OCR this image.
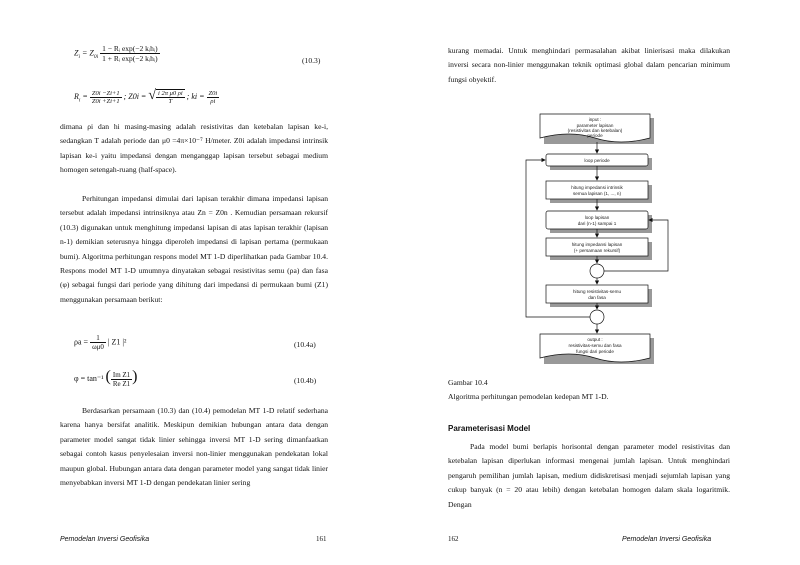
$Z_i = Z_{0i} \frac{\text{1 − Rᵢ exp(−2 kᵢhᵢ)}}{\text{1 + Rᵢ exp(−2 kᵢhᵢ)}}$	(10.3)
$R_i = \frac{Z0i -Zi+1}{Z0i +Zi+1}$ ; Z0i = √ $\frac{\text{i 2π μ0 ρi}}{T}$ ; ki = $\frac{Z0i}{\rho i}$
dimana ρi dan hi masing-masing adalah resistivitas dan ketebalan lapisan ke-i, sedangkan T adalah periode dan μ0 =4π×10⁻⁷ H/meter. Z0i adalah impedansi intrinsik lapisan ke-i yaitu impedansi dengan menganggap lapisan tersebut sebagai medium homogen setengah-ruang (half-space).
Perhitungan impedansi dimulai dari lapisan terakhir dimana impedansi lapisan tersebut adalah impedansi intrinsiknya atau Zn = Z0n . Kemudian persamaan rekursif (10.3) digunakan untuk menghitung impedansi lapisan di atas lapisan terakhir (lapisan n-1) demikian seterusnya hingga diperoleh impedansi di lapisan pertama (permukaan bumi). Algoritma perhitungan respons model MT 1-D diperlihatkan pada Gambar 10.4. Respons model MT 1-D umumnya dinyatakan sebagai resistivitas semu (ρa) dan fasa (φ) sebagai fungsi dari periode yang dihitung dari impedansi di permukaan bumi (Z1) menggunakan persamaan berikut:
$\rho a = \frac{1}{\omega\mu 0}$ | Z1 |²	(10.4a)
φ = tan⁻¹ ( $\frac{\text{Im Z1}}{\text{Re Z1}}$ )	(10.4b)
Berdasarkan persamaan (10.3) dan (10.4) pemodelan MT 1-D relatif sederhana karena hanya bersifat analitik. Meskipun demikian hubungan antara data dengan parameter model sangat tidak linier sehingga inversi MT 1-D sering dimanfaatkan sebagai contoh kasus penyelesaian inversi non-linier menggunakan pendekatan lokal maupun global. Hubungan antara data dengan parameter model yang sangat tidak linier menyebabkan inversi MT 1-D dengan pendekatan linier sering
Pemodelan Inversi Geofisika	161
kurang memadai. Untuk menghindari permasalahan akibat linierisasi maka dilakukan inversi secara non-linier menggunakan teknik optimasi global dalam pencarian minimum fungsi obyektif.
input :
parameter lapisan
(resistivitas dan ketebalan)
periode
loop periode
hitung impedansi intrinsik
semua lapisan (1, ..., n)
loop lapisan
dari (n-1) sampai 1
hitung impedansi lapisan
(+ persamaan rekursif)
hitung resistivitas-semu
dan fasa
output :
resistivitas-semu dan fasa
fungsi dari periode
Gambar 10.4
Algoritma perhitungan pemodelan kedepan MT 1-D.
Parameterisasi Model
Pada model bumi berlapis horisontal dengan parameter model resistivitas dan ketebalan lapisan diperlukan informasi mengenai jumlah lapisan. Untuk menghindari pengaruh pemilihan jumlah lapisan, medium didiskretisasi menjadi sejumlah lapisan yang cukup banyak (n = 20 atau lebih) dengan ketebalan homogen dalam skala logaritmik. Dengan
162	Pemodelan Inversi Geofisika
